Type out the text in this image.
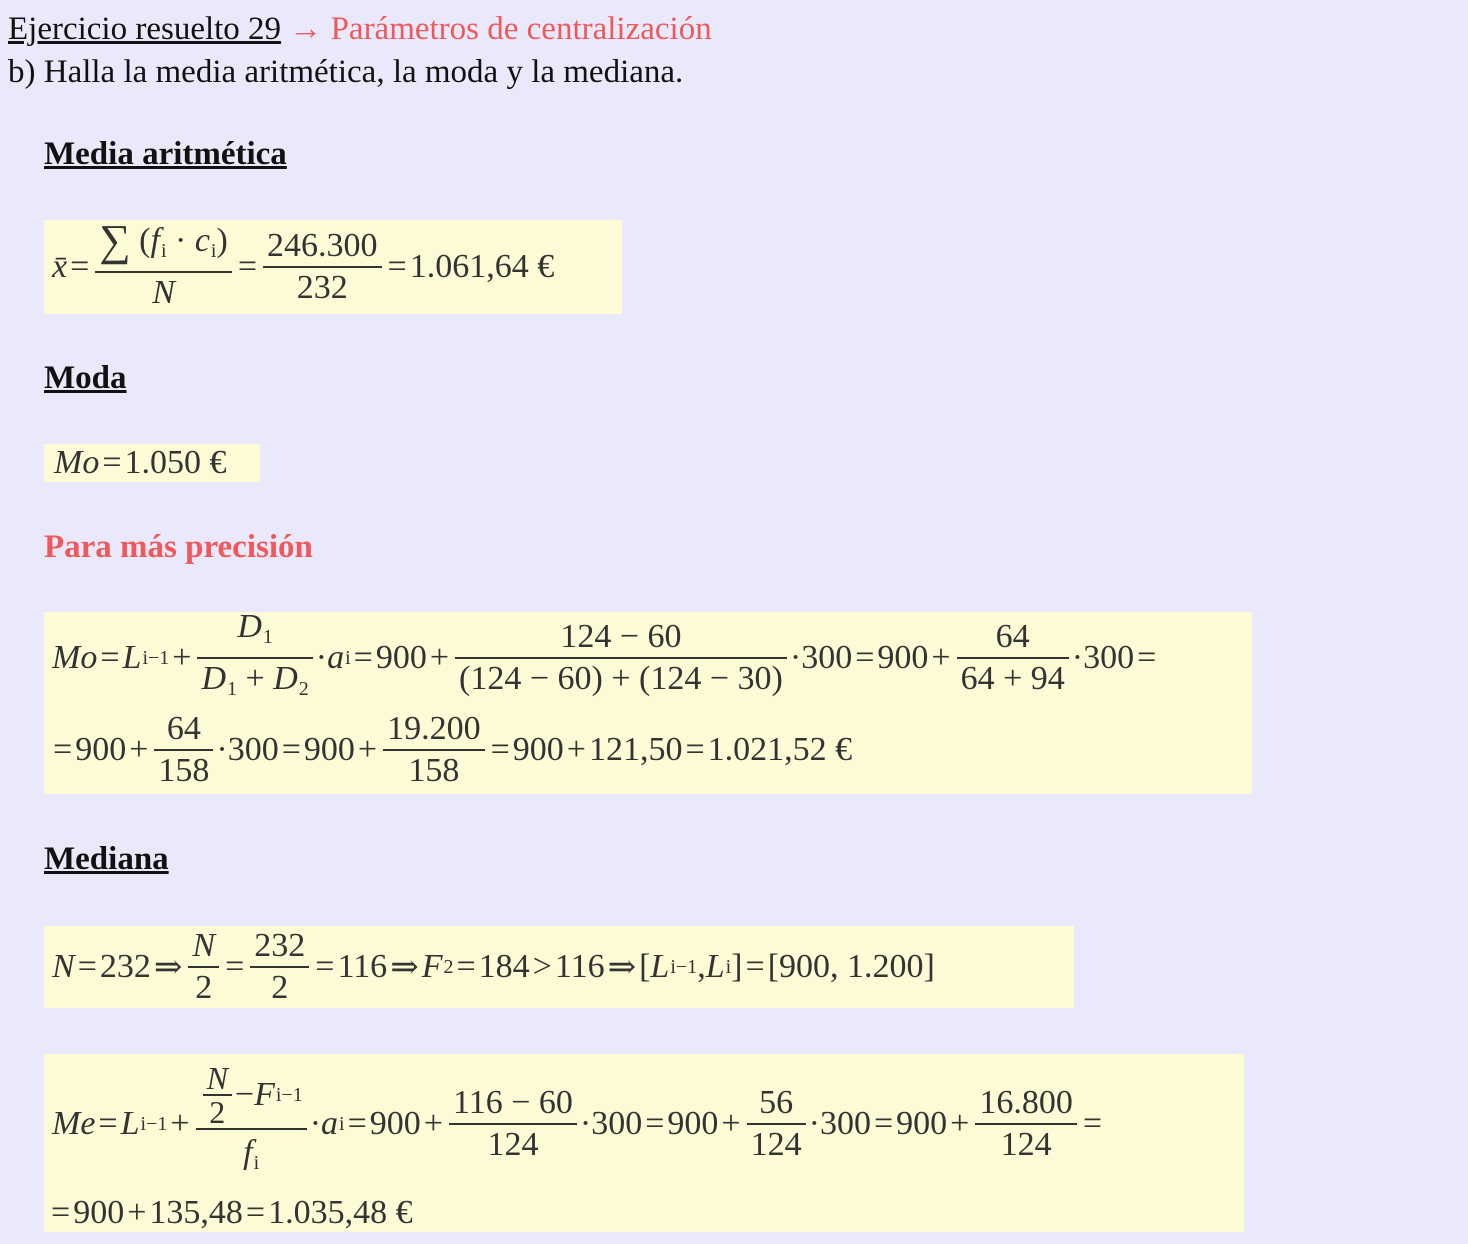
Ejercicio resuelto 29 → Parámetros de centralización
b) Halla la media aritmética, la moda y la mediana.
Media aritmética
x̄ = $\frac{\sum (f_i \cdot c_i)}{N} = \frac{246.300}{232} = 1.061,64$ €
Moda
Mo = 1.050 €
Para más precisión
Mo = L $i-1 + \frac{D_1}{D_1 + D_2} \cdot a$ $i = 900 + \frac{124 - 60}{(124 - 60) + (124 - 30)} \cdot 300 = 900 + \frac{64}{64 + 94} \cdot 300$ =
= $900 + \frac{64}{158} \cdot 300 = 900 + \frac{19.200}{158} = 900 + 121,50 = 1.021,52$ €
Mediana
N = 232 ⇒ $\frac{N}{2} = \frac{232}{2} = 116$ ⇒ F 2 = 184 > 116 ⇒ [ L i−1 , L i ] = [900, 1.200]
Me = L $i-1 + \frac{\frac{N}{2} - F i-1}{f_i} \cdot a$ $i = 900 + \frac{116 - 60}{124} \cdot 300 = 900 + \frac{56}{124} \cdot 300 = 900 + \frac{16.800}{124}$ =
= 900 + 135,48 = 1.035,48 €
